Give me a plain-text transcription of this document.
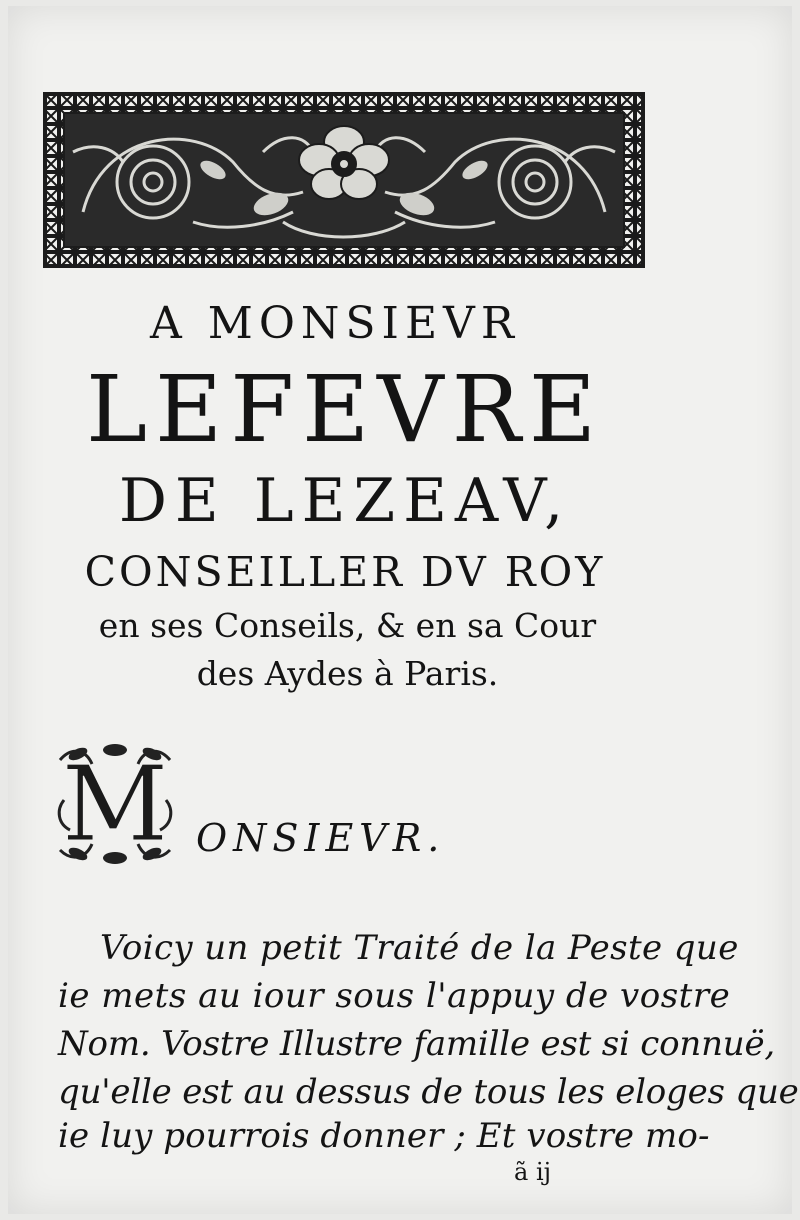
A MONSIEVR
LEFEVRE
DE LEZEAV,
CONSEILLER DV ROY
en ses Conseils, & en sa Cour
des Aydes à Paris.
M ONSIEVR.
Voicy un petit Traité de la Peste que
ie mets au iour sous l'appuy de vostre
Nom. Vostre Illustre famille est si connuë,
qu'elle est au dessus de tous les eloges que
ie luy pourrois donner ; Et vostre mo-
ã ij
